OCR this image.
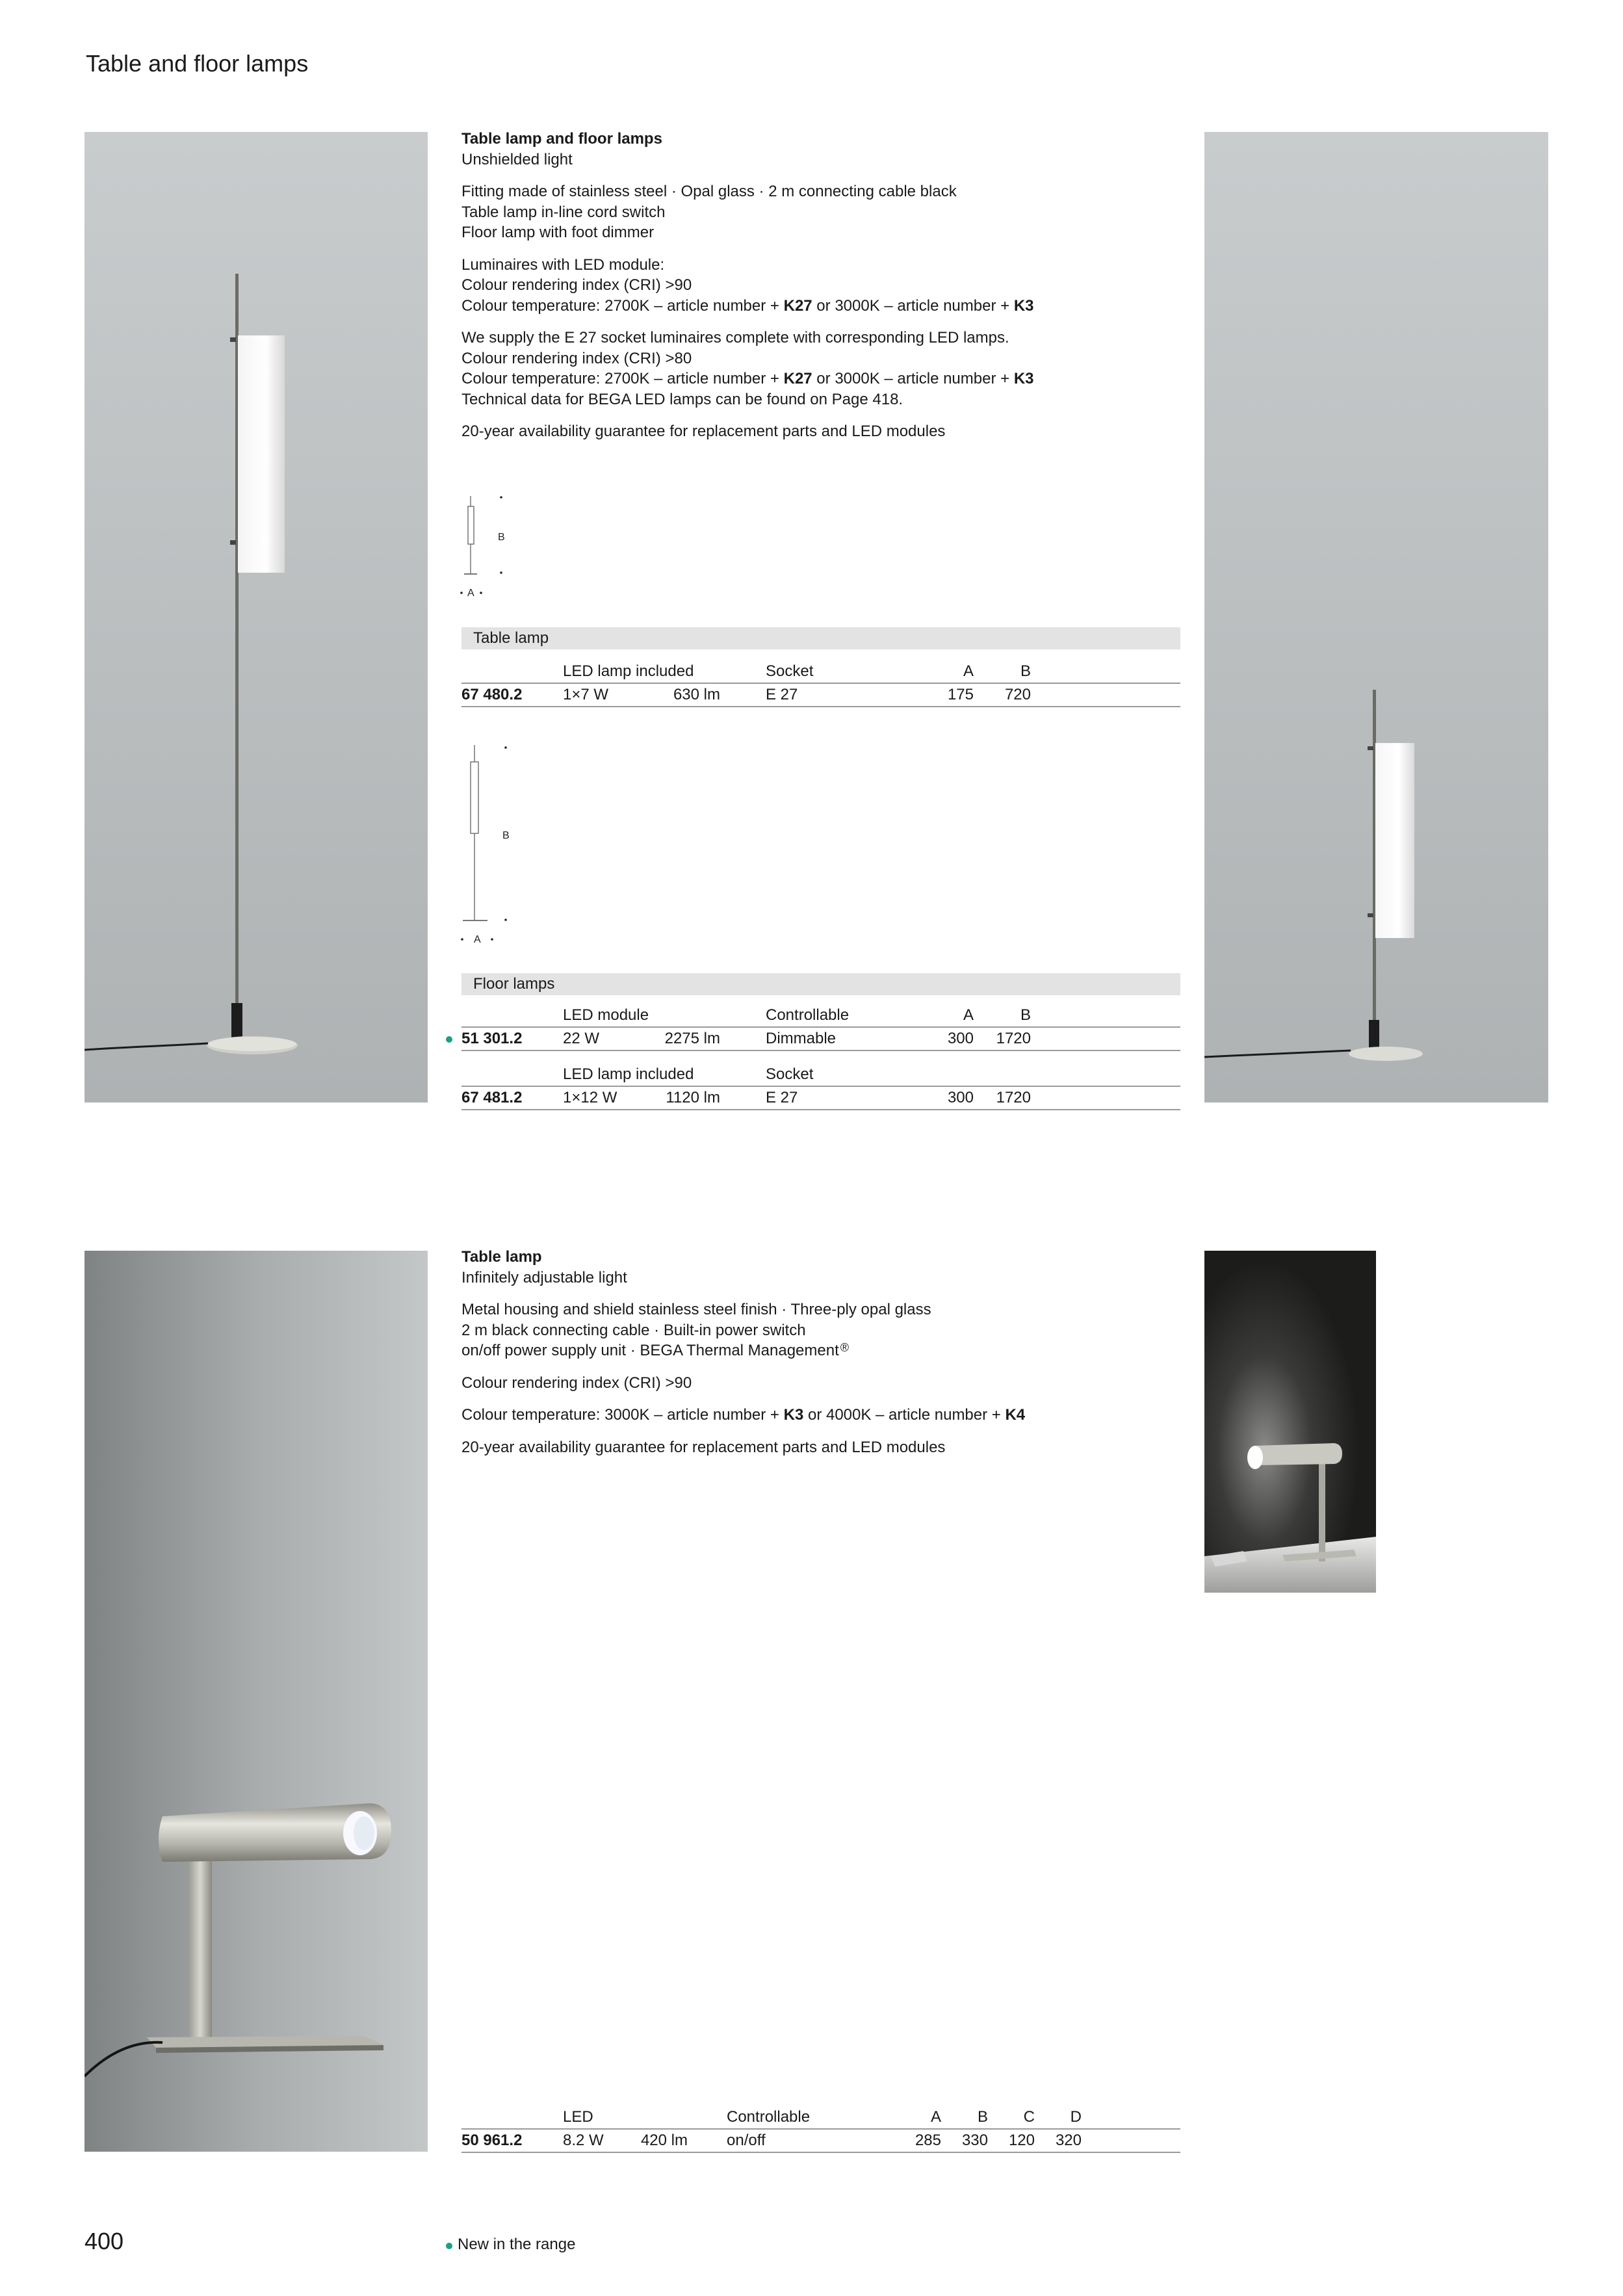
Table and floor lamps
Table lamp and floor lamps

Unshielded light

Fitting made of stainless steel · Opal glass · 2 m connecting cable black
Table lamp in-line cord switch
Floor lamp with foot dimmer

Luminaires with LED module:
Colour rendering index (CRI) >90
Colour temperature: 2700K – article number + K27 or 3000K – article number + K3

We supply the E 27 socket luminaires complete with corresponding LED lamps.
Colour rendering index (CRI) >80
Colour temperature: 2700K – article number + K27 or 3000K – article number + K3
Technical data for BEGA LED lamps can be found on Page 418.

20-year availability guarantee for replacement parts and LED modules

B
A
Table lamp
LED lamp included	Socket	A	B
67 480.2	1×7 W	630 lm	E 27	175	720
B
A
Floor lamps
LED module	Controllable	A	B
51 301.2	22 W	2275 lm	Dimmable	300	1720
LED lamp included	Socket
67 481.2	1×12 W	1120 lm	E 27	300	1720
Table lamp

Infinitely adjustable light

Metal housing and shield stainless steel finish · Three-ply opal glass
2 m black connecting cable · Built-in power switch
on/off power supply unit · BEGA Thermal Management ®

Colour rendering index (CRI) >90

Colour temperature: 3000K – article number + K3 or 4000K – article number + K4

20-year availability guarantee for replacement parts and LED modules

LED	Controllable	A	B	C	D
50 961.2	8.2 W	420 lm	on/off	285	330	120	320
400	New in the range
